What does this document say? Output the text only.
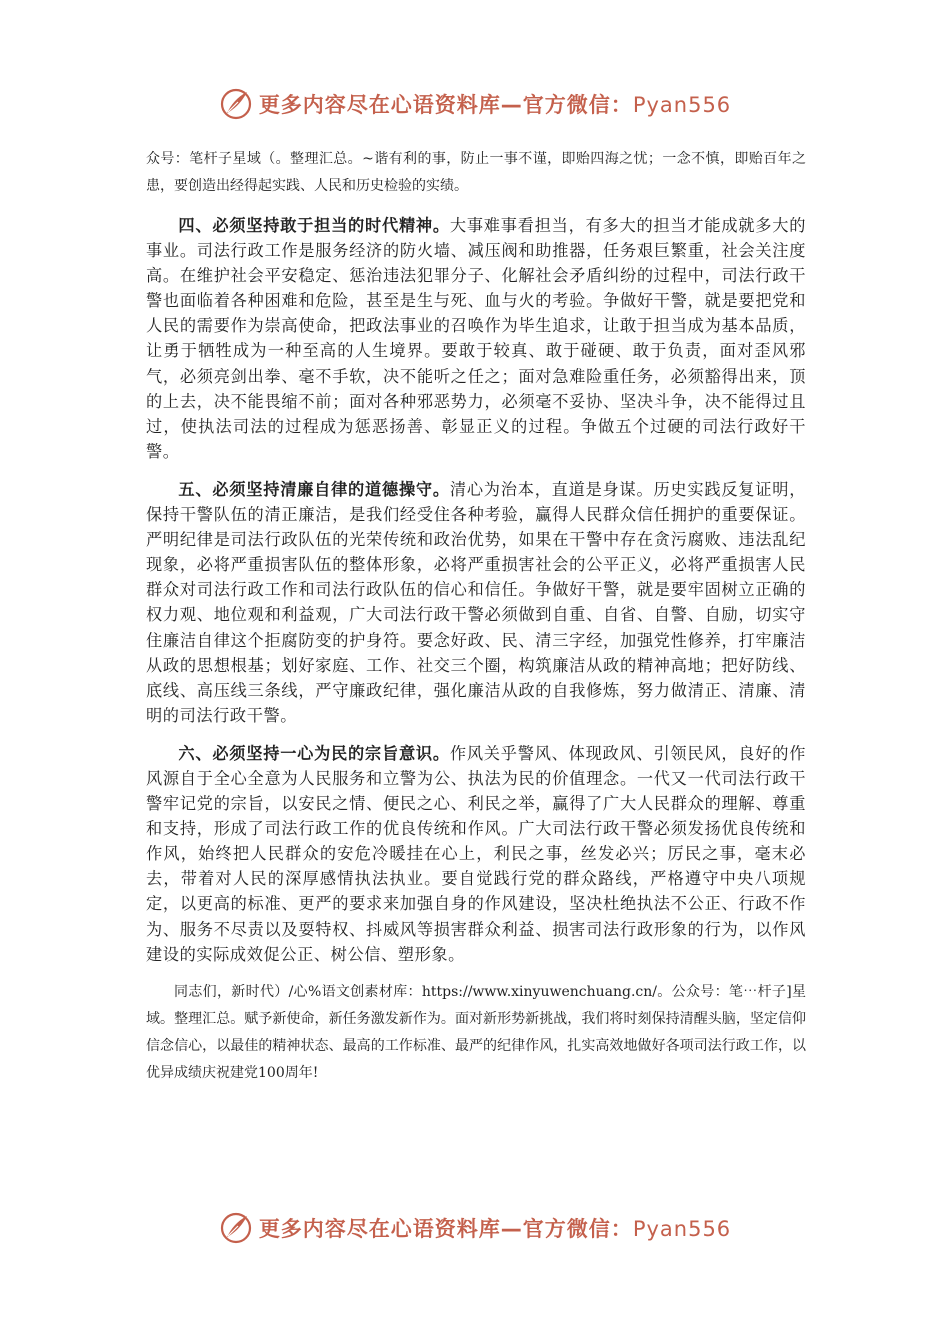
更多内容尽在心语资料库—官方微信：Pyan556

众号：笔杆子星域（。整理汇总。~谐有利的事，防止一事不谨，即贻四海之忧；一念不慎，即贻百年之患，要创造出经得起实践、人民和历史检验的实绩。

四、必须坚持敢于担当的时代精神。大事难事看担当，有多大的担当才能成就多大的事业。司法行政工作是服务经济的防火墙、减压阀和助推器，任务艰巨繁重，社会关注度高。在维护社会平安稳定、惩治违法犯罪分子、化解社会矛盾纠纷的过程中，司法行政干警也面临着各种困难和危险，甚至是生与死、血与火的考验。争做好干警，就是要把党和人民的需要作为崇高使命，把政法事业的召唤作为毕生追求，让敢于担当成为基本品质，让勇于牺牲成为一种至高的人生境界。要敢于较真、敢于碰硬、敢于负责，面对歪风邪气，必须亮剑出拳、毫不手软，决不能听之任之；面对急难险重任务，必须豁得出来，顶的上去，决不能畏缩不前；面对各种邪恶势力，必须毫不妥协、坚决斗争，决不能得过且过，使执法司法的过程成为惩恶扬善、彰显正义的过程。争做五个过硬的司法行政好干警。

五、必须坚持清廉自律的道德操守。清心为治本，直道是身谋。历史实践反复证明，保持干警队伍的清正廉洁，是我们经受住各种考验，赢得人民群众信任拥护的重要保证。严明纪律是司法行政队伍的光荣传统和政治优势，如果在干警中存在贪污腐败、违法乱纪现象，必将严重损害队伍的整体形象，必将严重损害社会的公平正义，必将严重损害人民群众对司法行政工作和司法行政队伍的信心和信任。争做好干警，就是要牢固树立正确的权力观、地位观和利益观，广大司法行政干警必须做到自重、自省、自警、自励，切实守住廉洁自律这个拒腐防变的护身符。要念好政、民、清三字经，加强党性修养，打牢廉洁从政的思想根基；划好家庭、工作、社交三个圈，构筑廉洁从政的精神高地；把好防线、底线、高压线三条线，严守廉政纪律，强化廉洁从政的自我修炼，努力做清正、清廉、清明的司法行政干警。

六、必须坚持一心为民的宗旨意识。作风关乎警风、体现政风、引领民风，良好的作风源自于全心全意为人民服务和立警为公、执法为民的价值理念。一代又一代司法行政干警牢记党的宗旨，以安民之情、便民之心、利民之举，赢得了广大人民群众的理解、尊重和支持，形成了司法行政工作的优良传统和作风。广大司法行政干警必须发扬优良传统和作风，始终把人民群众的安危冷暖挂在心上，利民之事，丝发必兴；厉民之事，毫末必去，带着对人民的深厚感情执法执业。要自觉践行党的群众路线，严格遵守中央八项规定，以更高的标准、更严的要求来加强自身的作风建设，坚决杜绝执法不公正、行政不作为、服务不尽责以及耍特权、抖威风等损害群众利益、损害司法行政形象的行为，以作风建设的实际成效促公正、树公信、塑形象。

同志们，新时代）/心%语文创素材库：https://www.xinyuwenchuang.cn/。公众号：笔⋯杆子]星域。整理汇总。赋予新使命，新任务激发新作为。面对新形势新挑战，我们将时刻保持清醒头脑，坚定信仰信念信心，以最佳的精神状态、最高的工作标准、最严的纪律作风，扎实高效地做好各项司法行政工作，以优异成绩庆祝建党100周年!

更多内容尽在心语资料库—官方微信：Pyan556
